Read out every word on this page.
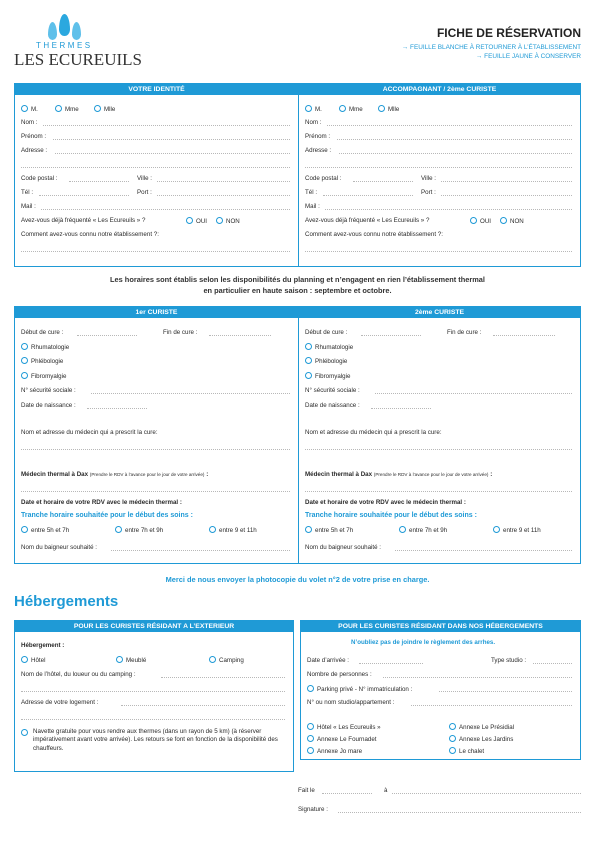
THERMES
LES ECUREUILS
FICHE DE RÉSERVATION
→ FEUILLE BLANCHE À RETOURNER À L’ÉTABLISSEMENT
→ FEUILLE JAUNE À CONSERVER
VOTRE IDENTITÉ
M.	Mme	Mlle
Nom :
Prénom :
Adresse :
Code postal :	Ville :
Tél :	Port :
Mail :
Avez-vous déjà fréquenté « Les Ecureuils » ?	OUI	NON
Comment avez-vous connu notre établissement ?:
ACCOMPAGNANT / 2ème CURISTE
M.	Mme	Mlle
Nom :
Prénom :
Adresse :
Code postal :	Ville :
Tél :	Port :
Mail :
Avez-vous déjà fréquenté « Les Ecureuils » ?	OUI	NON
Comment avez-vous connu notre établissement ?:
Les horaires sont établis selon les disponibilités du planning et n’engagent en rien l’établissement thermal
en particulier en haute saison : septembre et octobre.
1er CURISTE
Début de cure :	Fin de cure :
Rhumatologie
Phlébologie
Fibromyalgie
N° sécurité sociale :
Date de naissance :
Nom et adresse du médecin qui a prescrit la cure:
Médecin thermal à Dax (Prendre le RDV à l’avance pour le jour de votre arrivée) :
Date et horaire de votre RDV avec le médecin thermal :
Tranche horaire souhaitée pour le début des soins :
entre 5h et 7h	entre 7h et 9h	entre 9 et 11h
Nom du baigneur souhaité :
2ème CURISTE
Début de cure :	Fin de cure :
Rhumatologie
Phlébologie
Fibromyalgie
N° sécurité sociale :
Date de naissance :
Nom et adresse du médecin qui a prescrit la cure:
Médecin thermal à Dax (Prendre le RDV à l’avance pour le jour de votre arrivée) :
Date et horaire de votre RDV avec le médecin thermal :
Tranche horaire souhaitée pour le début des soins :
entre 5h et 7h	entre 7h et 9h	entre 9 et 11h
Nom du baigneur souhaité :
Merci de nous envoyer la photocopie du volet n°2 de votre prise en charge.
Hébergements
POUR LES CURISTES RÉSIDANT A L’EXTERIEUR
Hébergement :
Hôtel	Meublé	Camping
Nom de l’hôtel, du loueur ou du camping :
Adresse de votre logement :
Navette gratuite pour vous rendre aux thermes (dans un rayon de 5 km) (à réserver impérativement avant votre arrivée). Les retours se font en fonction de la disponibilité des chauffeurs.
POUR LES CURISTES RÉSIDANT DANS NOS HÉBERGEMENTS
N’oubliez pas de joindre le règlement des arrhes.
Date d’arrivée :	Type studio :
Nombre de personnes :
Parking privé - N° immatriculation :
N° ou nom studio/appartement :
Hôtel « Les Ecureuils »	Annexe Le Présidial
Annexe Le Fournadet	Annexe Les Jardins
Annexe Jo mare	Le chalet
Fait le	à
Signature :
